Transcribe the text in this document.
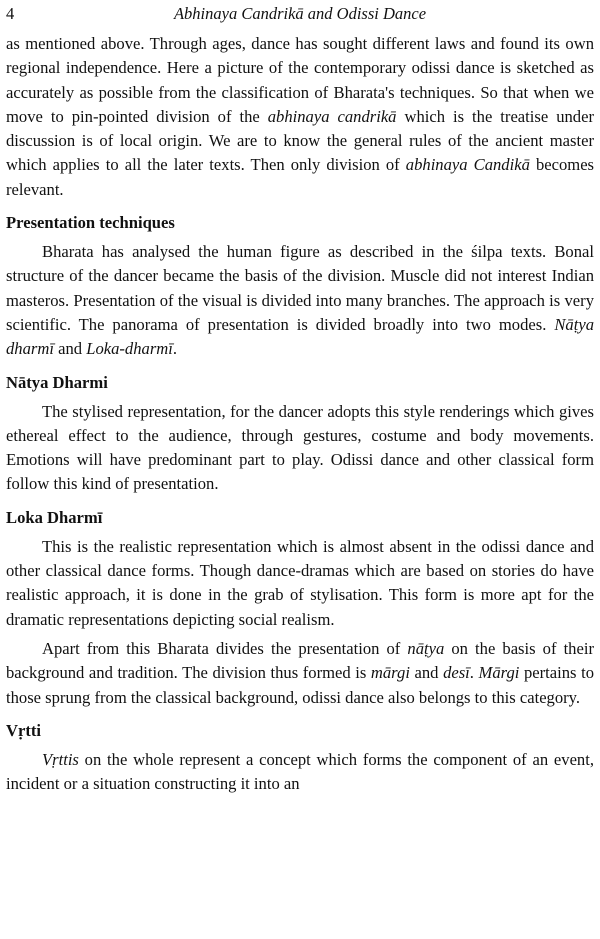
4	Abhinaya Candrikā and Odissi Dance

as mentioned above. Through ages, dance has sought different laws and found its own regional independence. Here a picture of the contemporary odissi dance is sketched as accurately as possible from the classification of Bharata's techniques. So that when we move to pin-pointed division of the abhinaya candrikā which is the treatise under discussion is of local origin. We are to know the general rules of the ancient master which applies to all the later texts. Then only division of abhinaya Candikā becomes relevant.

Presentation techniques

Bharata has analysed the human figure as described in the śilpa texts. Bonal structure of the dancer became the basis of the division. Muscle did not interest Indian masteros. Presentation of the visual is divided into many branches. The approach is very scientific. The panorama of presentation is divided broadly into two modes. Nāṭya dharmī and Loka-dharmī.

Nātya Dharmi

The stylised representation, for the dancer adopts this style renderings which gives ethereal effect to the audience, through gestures, costume and body movements. Emotions will have predominant part to play. Odissi dance and other classical form follow this kind of presentation.

Loka Dharmī

This is the realistic representation which is almost absent in the odissi dance and other classical dance forms. Though dance-dramas which are based on stories do have realistic approach, it is done in the grab of stylisation. This form is more apt for the dramatic representations depicting social realism.

Apart from this Bharata divides the presentation of nāṭya on the basis of their background and tradition. The division thus formed is mārgi and desī. Mārgi pertains to those sprung from the classical background, odissi dance also belongs to this category.

Vṛtti

Vṛttis on the whole represent a concept which forms the component of an event, incident or a situation constructing it into an
